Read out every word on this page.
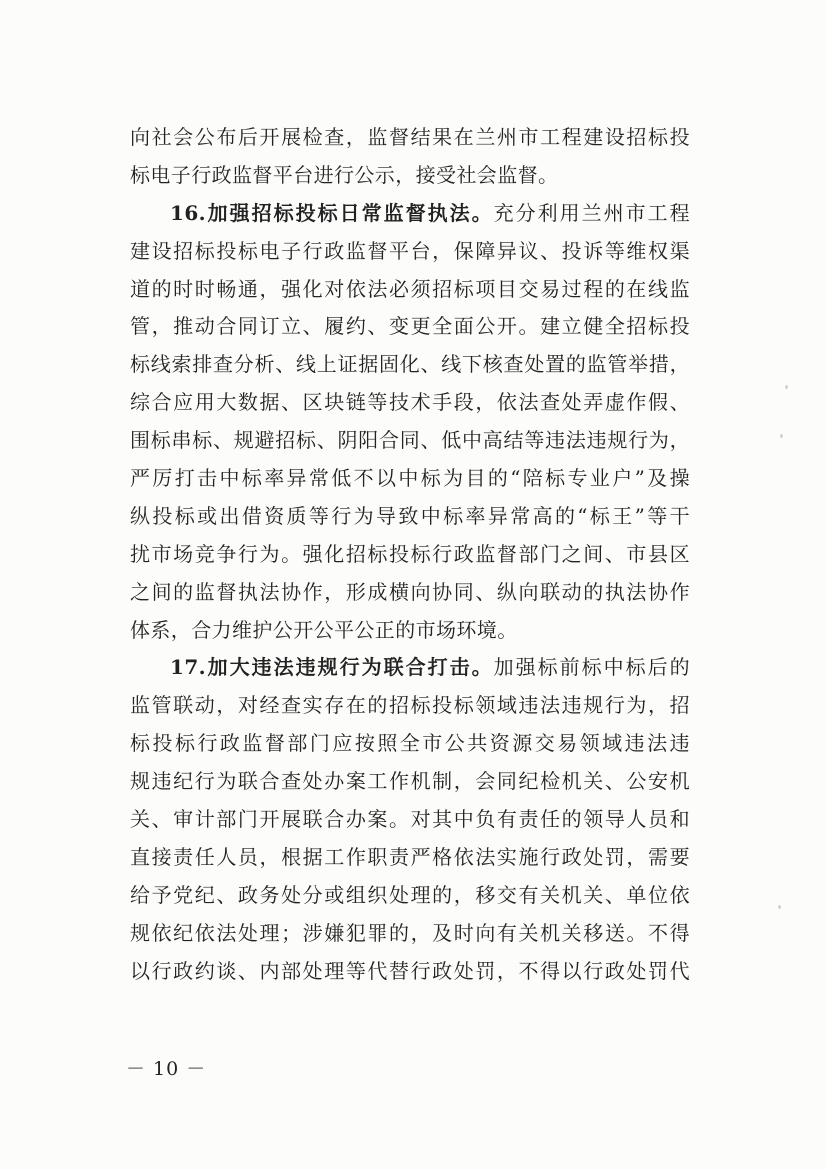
向社会公布后开展检查，监督结果在兰州市工程建设招标投
标电子行政监督平台进行公示，接受社会监督。
16.加强招标投标日常监督执法。充分利用兰州市工程
建设招标投标电子行政监督平台，保障异议、投诉等维权渠
道的时时畅通，强化对依法必须招标项目交易过程的在线监
管，推动合同订立、履约、变更全面公开。建立健全招标投
标线索排查分析、线上证据固化、线下核查处置的监管举措，
综合应用大数据、区块链等技术手段，依法查处弄虚作假、
围标串标、规避招标、阴阳合同、低中高结等违法违规行为，
严厉打击中标率异常低不以中标为目的“陪标专业户”及操
纵投标或出借资质等行为导致中标率异常高的“标王”等干
扰市场竞争行为。强化招标投标行政监督部门之间、市县区
之间的监督执法协作，形成横向协同、纵向联动的执法协作
体系，合力维护公开公平公正的市场环境。
17.加大违法违规行为联合打击。加强标前标中标后的
监管联动，对经查实存在的招标投标领域违法违规行为，招
标投标行政监督部门应按照全市公共资源交易领域违法违
规违纪行为联合查处办案工作机制，会同纪检机关、公安机
关、审计部门开展联合办案。对其中负有责任的领导人员和
直接责任人员，根据工作职责严格依法实施行政处罚，需要
给予党纪、政务处分或组织处理的，移交有关机关、单位依
规依纪依法处理；涉嫌犯罪的，及时向有关机关移送。不得
以行政约谈、内部处理等代替行政处罚，不得以行政处罚代
－ 10 －
